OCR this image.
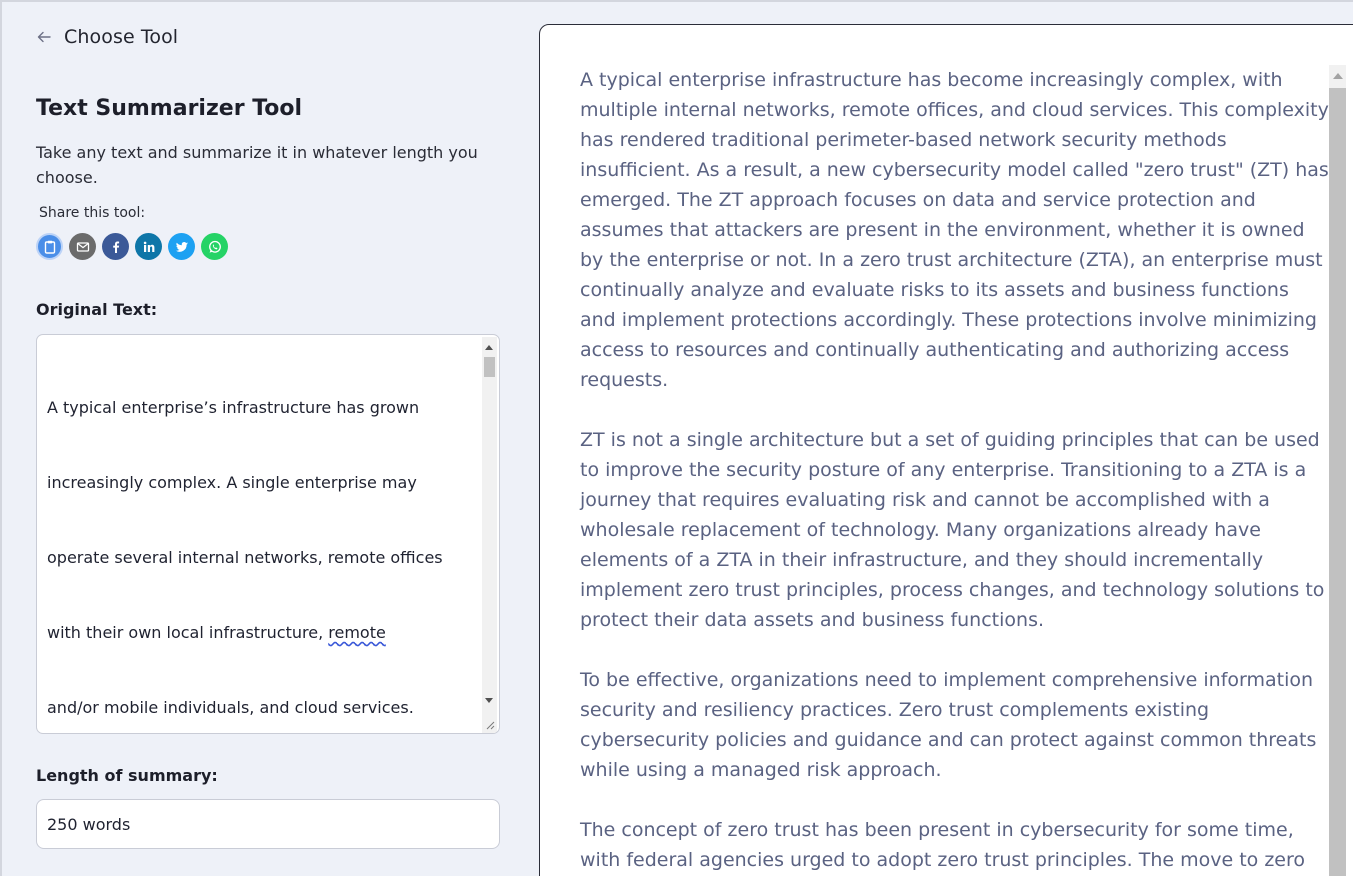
Choose Tool
Text Summarizer Tool
Take any text and summarize it in whatever length you choose.
Share this tool:
Original Text:

A typical enterprise’s infrastructure has grown

increasingly complex. A single enterprise may

operate several internal networks, remote offices

with their own local infrastructure, remote

and/or mobile individuals, and cloud services.

Length of summary:
250 words

A typical enterprise infrastructure has become increasingly complex, with multiple internal networks, remote offices, and cloud services. This complexity has rendered traditional perimeter-based network security methods insufficient. As a result, a new cybersecurity model called "zero trust" (ZT) has emerged. The ZT approach focuses on data and service protection and assumes that attackers are present in the environment, whether it is owned by the enterprise or not. In a zero trust architecture (ZTA), an enterprise must continually analyze and evaluate risks to its assets and business functions and implement protections accordingly. These protections involve minimizing access to resources and continually authenticating and authorizing access requests.

ZT is not a single architecture but a set of guiding principles that can be used to improve the security posture of any enterprise. Transitioning to a ZTA is a journey that requires evaluating risk and cannot be accomplished with a wholesale replacement of technology. Many organizations already have elements of a ZTA in their infrastructure, and they should incrementally implement zero trust principles, process changes, and technology solutions to protect their data assets and business functions.

To be effective, organizations need to implement comprehensive information security and resiliency practices. Zero trust complements existing cybersecurity policies and guidance and can protect against common threats while using a managed risk approach.

The concept of zero trust has been present in cybersecurity for some time, with federal agencies urged to adopt zero trust principles. The move to zero
